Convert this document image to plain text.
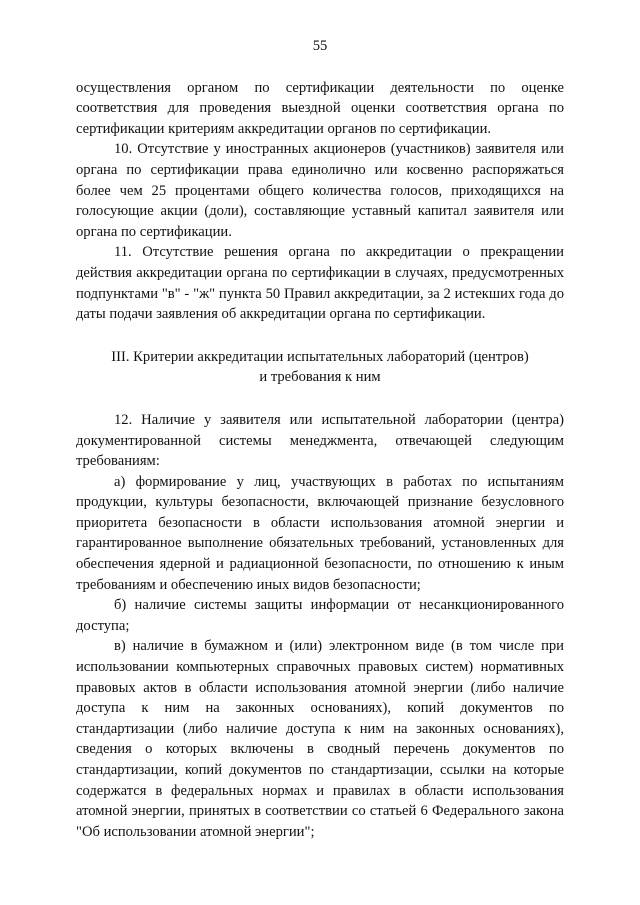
55

осуществления органом по сертификации деятельности по оценке соответствия для проведения выездной оценки соответствия органа по сертификации критериям аккредитации органов по сертификации.

10. Отсутствие у иностранных акционеров (участников) заявителя или органа по сертификации права единолично или косвенно распоряжаться более чем 25 процентами общего количества голосов, приходящихся на голосующие акции (доли), составляющие уставный капитал заявителя или органа по сертификации.

11. Отсутствие решения органа по аккредитации о прекращении действия аккредитации органа по сертификации в случаях, предусмотренных подпунктами "в" - "ж" пункта 50 Правил аккредитации, за 2 истекших года до даты подачи заявления об аккредитации органа по сертификации.

III. Критерии аккредитации испытательных лабораторий (центров)
и требования к ним

12. Наличие у заявителя или испытательной лаборатории (центра) документированной системы менеджмента, отвечающей следующим требованиям:

а) формирование у лиц, участвующих в работах по испытаниям продукции, культуры безопасности, включающей признание безусловного приоритета безопасности в области использования атомной энергии и гарантированное выполнение обязательных требований, установленных для обеспечения ядерной и радиационной безопасности, по отношению к иным требованиям и обеспечению иных видов безопасности;

б) наличие системы защиты информации от несанкционированного доступа;

в) наличие в бумажном и (или) электронном виде (в том числе при использовании компьютерных справочных правовых систем) нормативных правовых актов в области использования атомной энергии (либо наличие доступа к ним на законных основаниях), копий документов по стандартизации (либо наличие доступа к ним на законных основаниях), сведения о которых включены в сводный перечень документов по стандартизации, копий документов по стандартизации, ссылки на которые содержатся в федеральных нормах и правилах в области использования атомной энергии, принятых в соответствии со статьей 6 Федерального закона "Об использовании атомной энергии";
